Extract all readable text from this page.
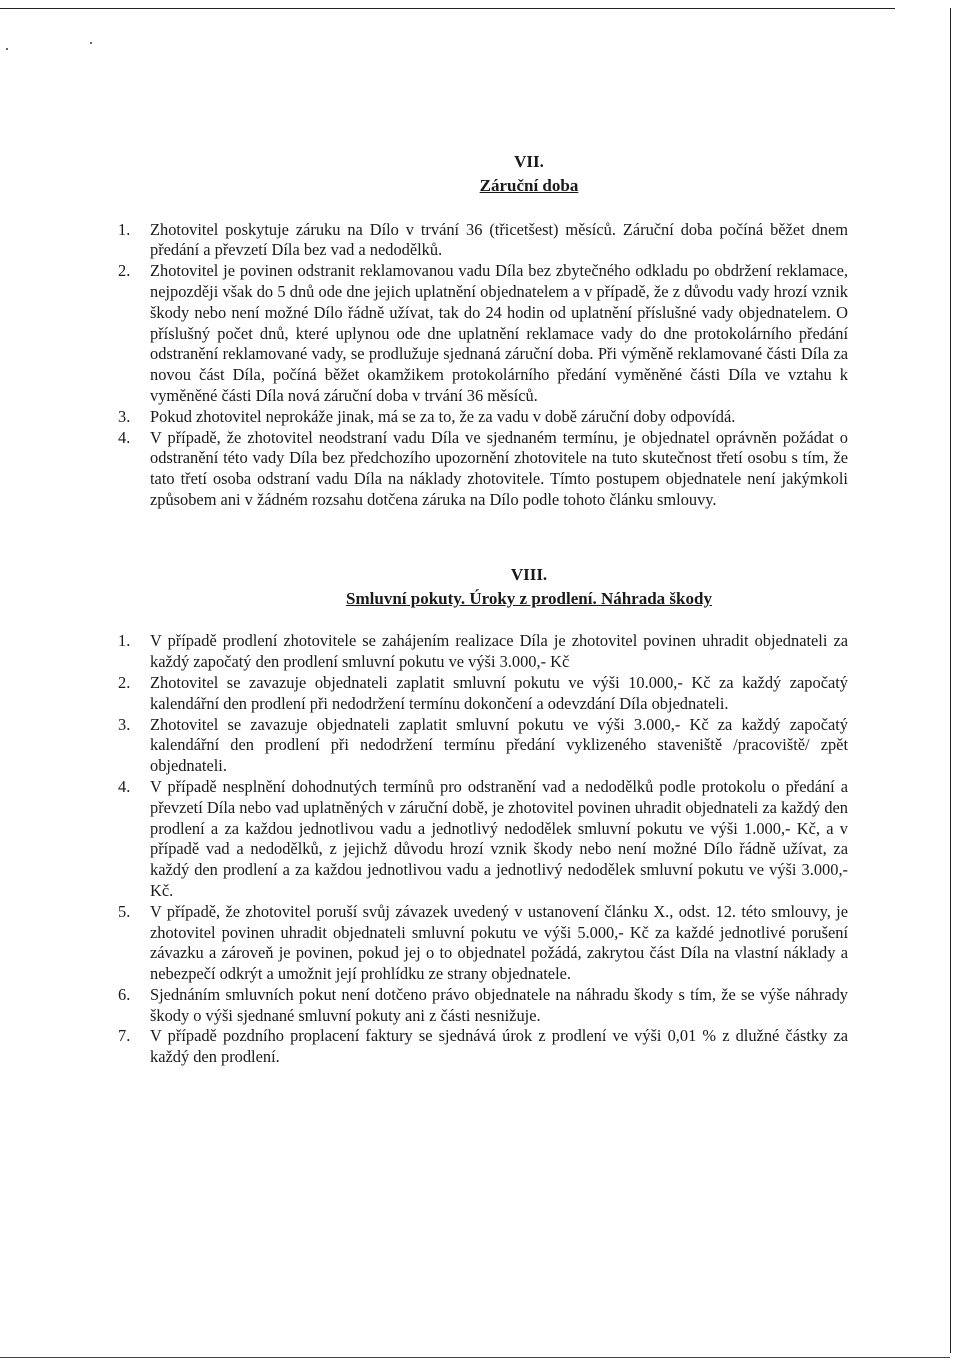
VII.
Záruční doba
1.	Zhotovitel poskytuje záruku na Dílo v trvání 36 (třicetšest) měsíců. Záruční doba počíná běžet dnem předání a převzetí Díla bez vad a nedodělků.
2.	Zhotovitel je povinen odstranit reklamovanou vadu Díla bez zbytečného odkladu po obdržení reklamace, nejpozději však do 5 dnů ode dne jejich uplatnění objednatelem a v případě, že z důvodu vady hrozí vznik škody nebo není možné Dílo řádně užívat, tak do 24 hodin od uplatnění příslušné vady objednatelem. O příslušný počet dnů, které uplynou ode dne uplatnění reklamace vady do dne protokolárního předání odstranění reklamované vady, se prodlužuje sjednaná záruční doba. Při výměně reklamované části Díla za novou část Díla, počíná běžet okamžikem protokolárního předání vyměněné části Díla ve vztahu k vyměněné části Díla nová záruční doba v trvání 36 měsíců.
3.	Pokud zhotovitel neprokáže jinak, má se za to, že za vadu v době záruční doby odpovídá.
4.	V případě, že zhotovitel neodstraní vadu Díla ve sjednaném termínu, je objednatel oprávněn požádat o odstranění této vady Díla bez předchozího upozornění zhotovitele na tuto skutečnost třetí osobu s tím, že tato třetí osoba odstraní vadu Díla na náklady zhotovitele. Tímto postupem objednatele není jakýmkoli způsobem ani v žádném rozsahu dotčena záruka na Dílo podle tohoto článku smlouvy.
VIII.
Smluvní pokuty. Úroky z prodlení. Náhrada škody
1.	V případě prodlení zhotovitele se zahájením realizace Díla je zhotovitel povinen uhradit objednateli za každý započatý den prodlení smluvní pokutu ve výši 3.000,- Kč
2.	Zhotovitel se zavazuje objednateli zaplatit smluvní pokutu ve výši 10.000,- Kč za každý započatý kalendářní den prodlení při nedodržení termínu dokončení a odevzdání Díla objednateli.
3.	Zhotovitel se zavazuje objednateli zaplatit smluvní pokutu ve výši 3.000,- Kč za každý započatý kalendářní den prodlení při nedodržení termínu předání vyklizeného staveniště /pracoviště/ zpět objednateli.
4.	V případě nesplnění dohodnutých termínů pro odstranění vad a nedodělků podle protokolu o předání a převzetí Díla nebo vad uplatněných v záruční době, je zhotovitel povinen uhradit objednateli za každý den prodlení a za každou jednotlivou vadu a jednotlivý nedodělek smluvní pokutu ve výši 1.000,- Kč, a v případě vad a nedodělků, z jejichž důvodu hrozí vznik škody nebo není možné Dílo řádně užívat, za každý den prodlení a za každou jednotlivou vadu a jednotlivý nedodělek smluvní pokutu ve výši 3.000,- Kč.
5.	V případě, že zhotovitel poruší svůj závazek uvedený v ustanovení článku X., odst. 12. této smlouvy, je zhotovitel povinen uhradit objednateli smluvní pokutu ve výši 5.000,- Kč za každé jednotlivé porušení závazku a zároveň je povinen, pokud jej o to objednatel požádá, zakrytou část Díla na vlastní náklady a nebezpečí odkrýt a umožnit její prohlídku ze strany objednatele.
6.	Sjednáním smluvních pokut není dotčeno právo objednatele na náhradu škody s tím, že se výše náhrady škody o výši sjednané smluvní pokuty ani z části nesnižuje.
7.	V případě pozdního proplacení faktury se sjednává úrok z prodlení ve výši 0,01 % z dlužné částky za každý den prodlení.
